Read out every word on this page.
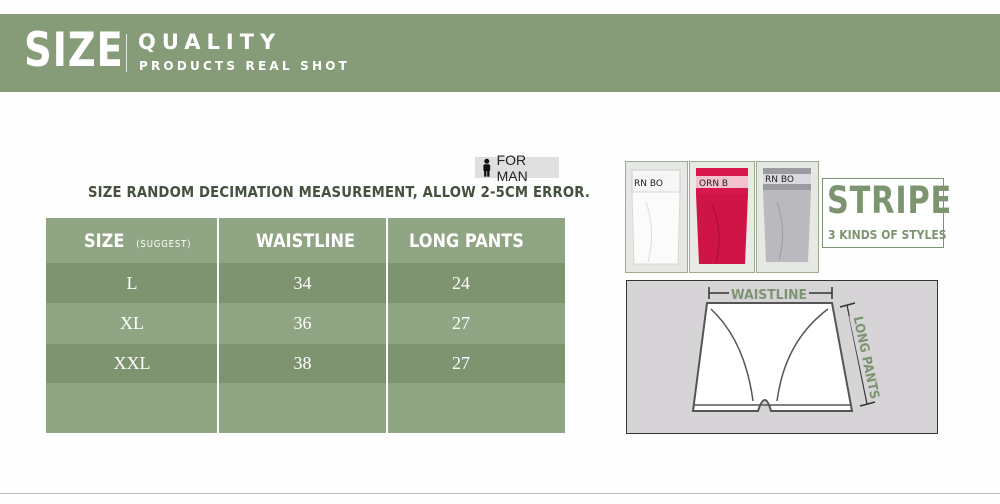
SIZE QUALITY
PRODUCTS REAL SHOT
FOR MAN
SIZE RANDOM DECIMATION MEASUREMENT, ALLOW 2-5CM ERROR.
SIZE (SUGGEST)	WAISTLINE	LONG PANTS
L	34	24
XL	36	27
XXL	38	27
RN BO	ORN B	RN BO STRIPE
3 KINDS OF STYLES
WAISTLINE
LONG PANTS
